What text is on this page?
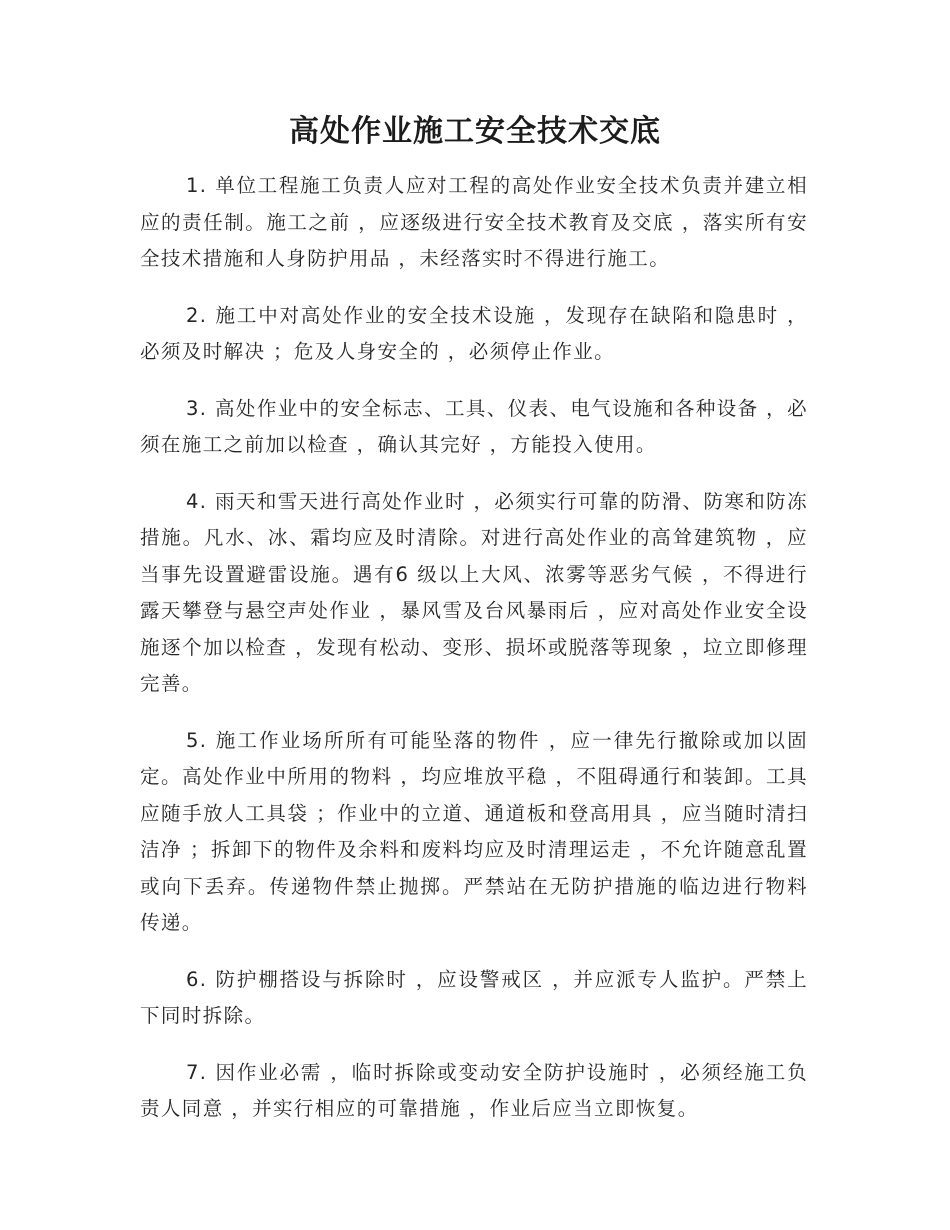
高处作业施工安全技术交底

1. 单位工程施工负责人应对工程的高处作业安全技术负责并建立相应的责任制。施工之前 ，应逐级进行安全技术教育及交底 ，落实所有安全技术措施和人身防护用品 ，未经落实时不得进行施工。

2. 施工中对高处作业的安全技术设施 ，发现存在缺陷和隐患时 ，必须及时解决 ；危及人身安全的 ，必须停止作业。

3. 高处作业中的安全标志、工具、仪表、电气设施和各种设备 ，必须在施工之前加以检查 ，确认其完好 ，方能投入使用。

4. 雨天和雪天进行高处作业时 ，必须实行可靠的防滑、防寒和防冻措施。凡水、冰、霜均应及时清除。对进行高处作业的高耸建筑物 ，应当事先设置避雷设施。遇有6 级以上大风、浓雾等恶劣气候 ，不得进行露天攀登与悬空声处作业 ，暴风雪及台风暴雨后 ，应对高处作业安全设施逐个加以检查 ，发现有松动、变形、损坏或脱落等现象 ，垃立即修理完善。

5. 施工作业场所所有可能坠落的物件 ，应一律先行撤除或加以固定。高处作业中所用的物料 ，均应堆放平稳 ，不阻碍通行和装卸。工具应随手放人工具袋 ；作业中的立道、通道板和登高用具 ，应当随时清扫洁净 ；拆卸下的物件及余料和废料均应及时清理运走 ，不允许随意乱置或向下丢弃。传递物件禁止抛掷。严禁站在无防护措施的临边进行物料传递。

6. 防护棚搭设与拆除时 ，应设警戒区 ，并应派专人监护。严禁上下同时拆除。

7. 因作业必需 ，临时拆除或变动安全防护设施时 ，必须经施工负责人同意 ，并实行相应的可靠措施 ，作业后应当立即恢复。
